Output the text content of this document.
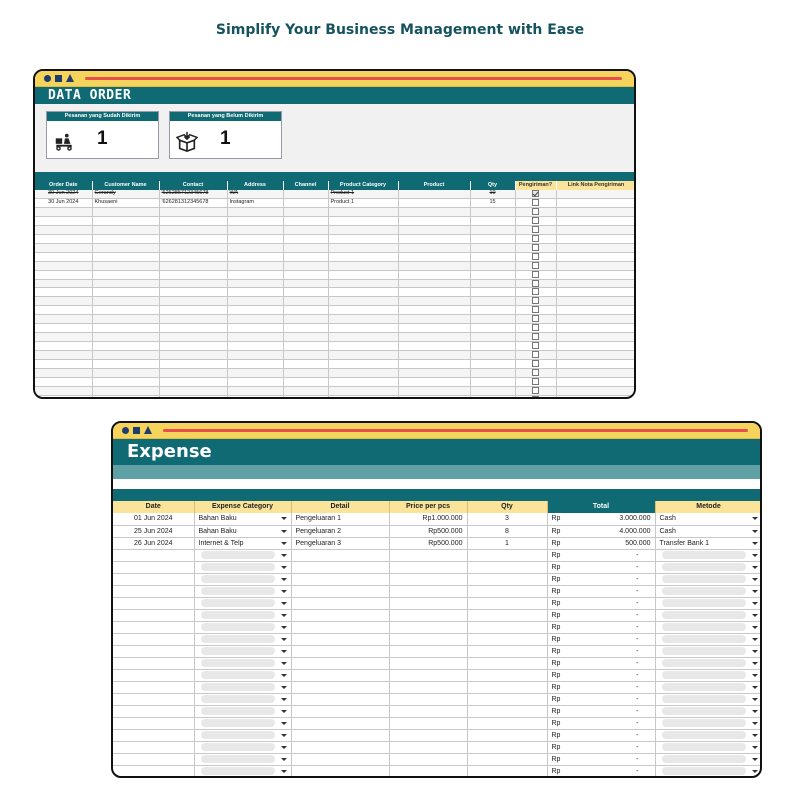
Simplify Your Business Management with Ease
DATA ORDER
Pesanan yang Sudah Dikirim
1
Pesanan yang Belum Dikirim
1
Order Date	Customer Name	Contact	Address	Channel	Product Category	Product	Qty	Pengiriman?	Link Nota Pengiriman
30 Jun 2024	Gerandy	'626285712345678	WA		Product 1		10		
30 Jun 2024	Khusaeni	'626281312345678	Instagram		Product 1		15		

Expense
Date	Expense Category	Detail	Price per pcs	Qty	Total	Metode
01 Jun 2024	Bahan Baku	Pengeluaran 1	Rp1.000.000	3	Rp 3.000.000	Cash

25 Jun 2024	Bahan Baku	Pengeluaran 2	Rp500.000	8	Rp 4.000.000	Cash

26 Jun 2024	Internet & Telp	Pengeluaran 3	Rp500.000	1	Rp 500.000	Transfer Bank 1

					Rp -	

					Rp -	

					Rp -	

					Rp -	

					Rp -	

					Rp -	

					Rp -	

					Rp -	

					Rp -	

					Rp -	

					Rp -	

					Rp -	

					Rp -	

					Rp -	

					Rp -	

					Rp -	

					Rp -	

					Rp -	

					Rp -	
